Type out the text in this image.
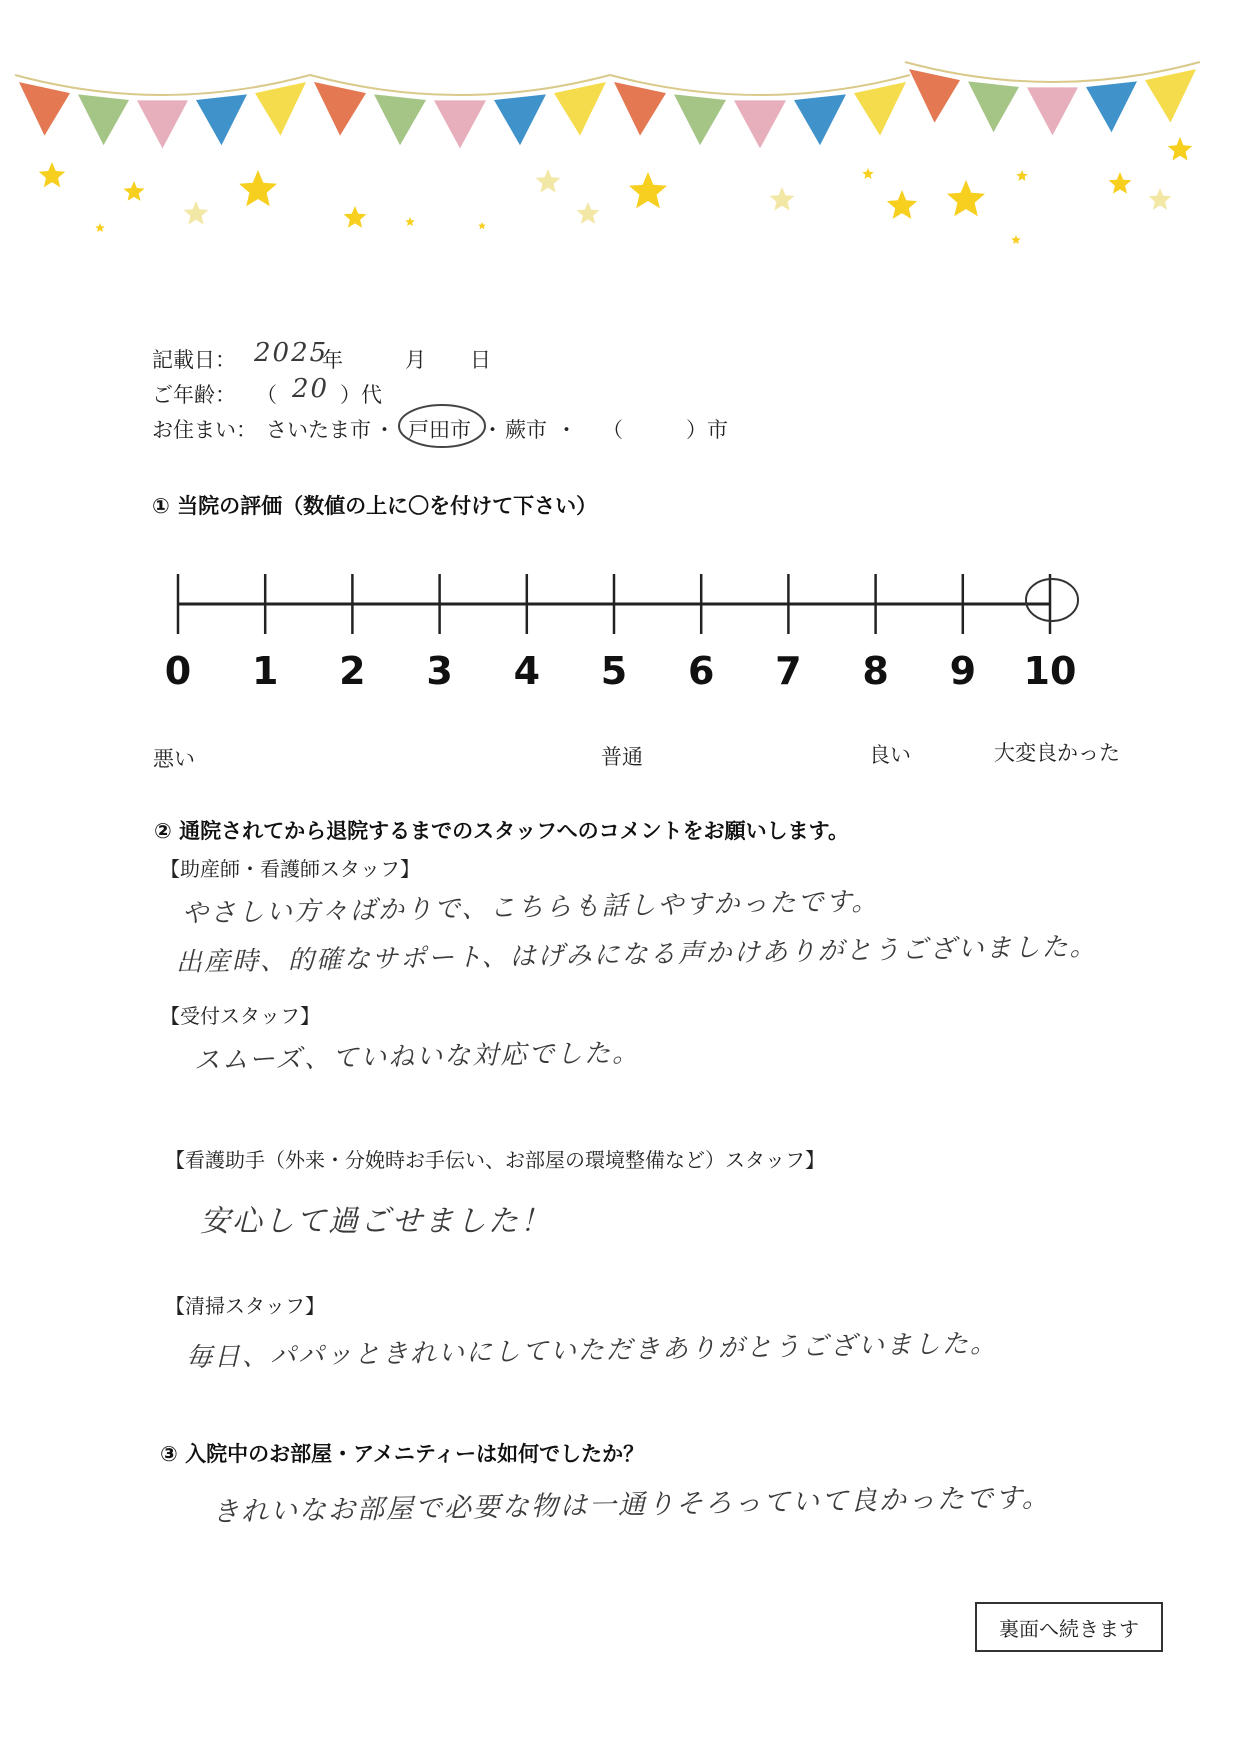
記載日： 2025
年	月 日
ご年齢： （ 20 ）代
お住まい： さいたま市 ・ 戸田市 ・ 蕨市 ・ （	）市
① 当院の評価（数値の上に〇を付けて下さい）
0 1 2 3 4 5 6 7 8 9 10
悪い	普通	良い	大変良かった
② 通院されてから退院するまでのスタッフへのコメントをお願いします。
【助産師・看護師スタッフ】
やさしい方々ばかりで、こちらも話しやすかったです。
出産時、的確なサポート、はげみになる声かけありがとうございました。
【受付スタッフ】
スムーズ、ていねいな対応でした。
【看護助手（外来・分娩時お手伝い、お部屋の環境整備など）スタッフ】
安心して過ごせました！
【清掃スタッフ】
毎日、パパッときれいにしていただきありがとうございました。
③ 入院中のお部屋・アメニティーは如何でしたか？
きれいなお部屋で必要な物は一通りそろっていて良かったです。
裏面へ続きます
